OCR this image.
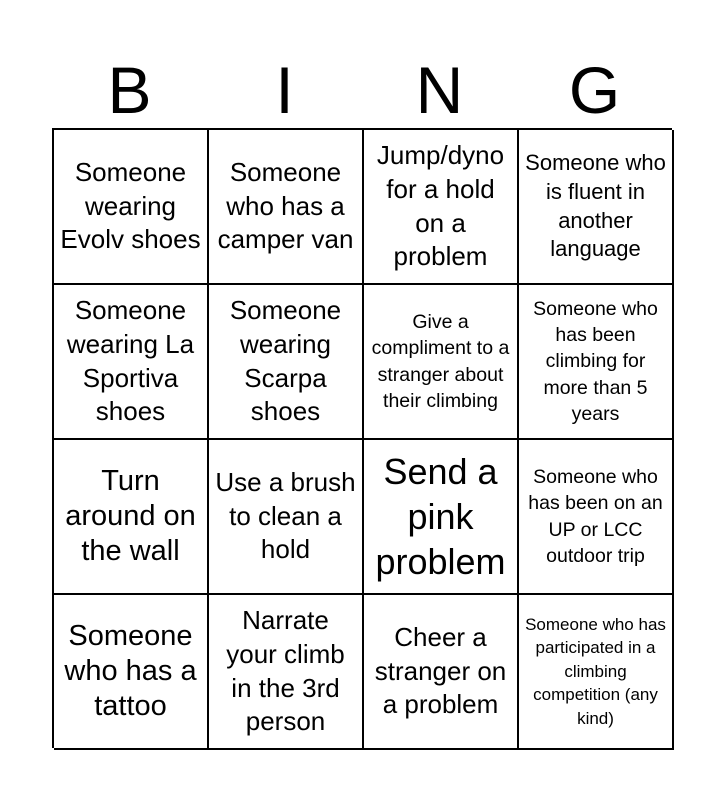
B	I	N	G
Someone wearing Evolv shoes
Someone who has a camper van
Jump/dyno for a hold on a problem
Someone who is fluent in another language
Someone wearing La Sportiva shoes
Someone wearing Scarpa shoes
Give a compliment to a stranger about their climbing
Someone who has been climbing for more than 5 years
Turn around on the wall
Use a brush to clean a hold
Send a pink problem
Someone who has been on an UP or LCC outdoor trip
Someone who has a tattoo
Narrate your climb in the 3rd person
Cheer a stranger on a problem
Someone who has participated in a climbing competition (any kind)
